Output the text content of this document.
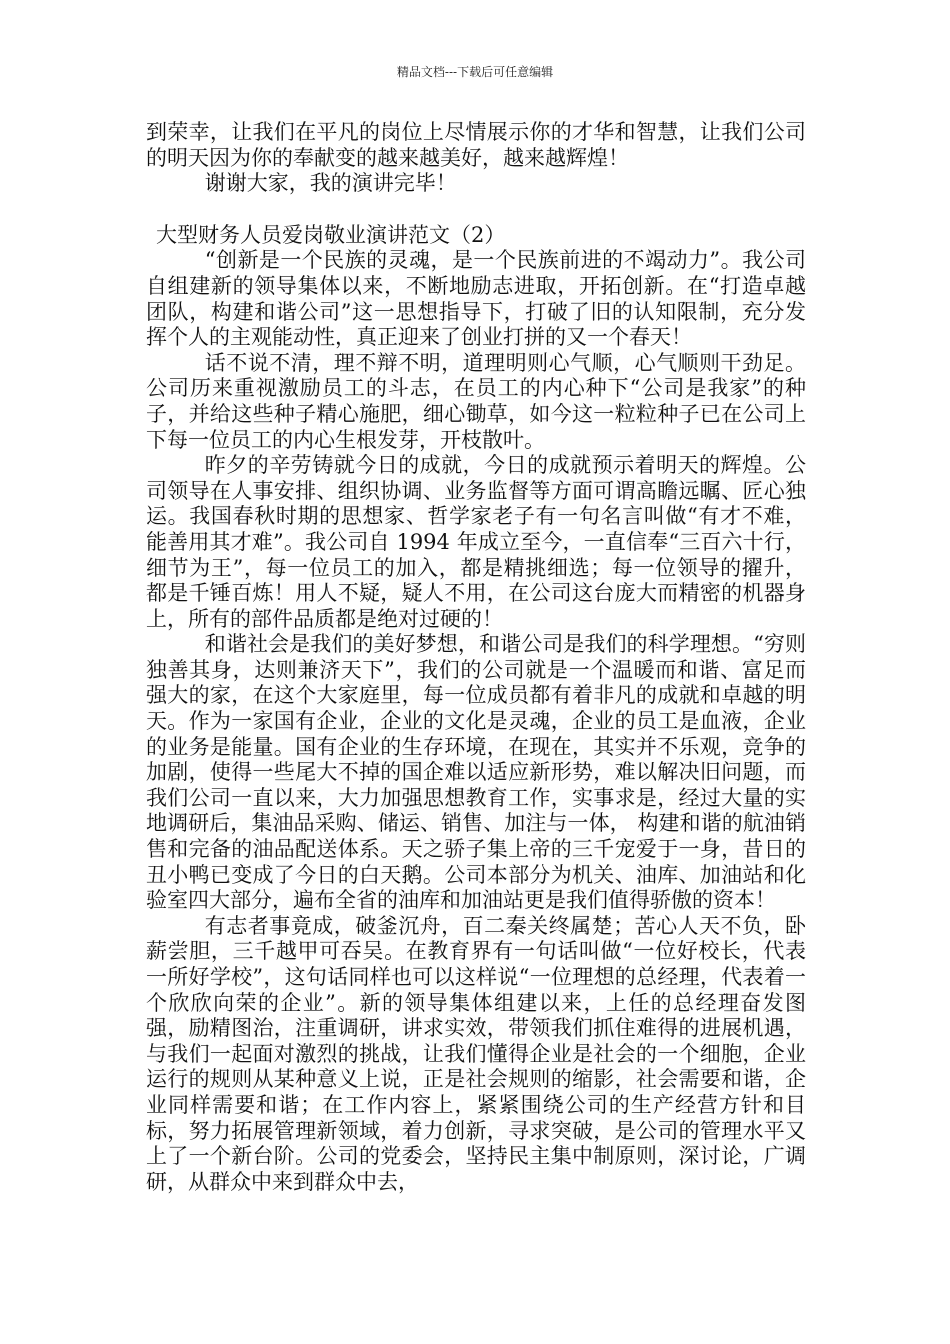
精品文档---下载后可任意编辑

到荣幸，让我们在平凡的岗位上尽情展示你的才华和智慧，让我们公司的明天因为你的奉献变的越来越美好，越来越辉煌！

谢谢大家，我的演讲完毕！

大型财务人员爱岗敬业演讲范文（2）

“创新是一个民族的灵魂，是一个民族前进的不竭动力”。我公司自组建新的领导集体以来，不断地励志进取，开拓创新。在“打造卓越团队，构建和谐公司”这一思想指导下，打破了旧的认知限制，充分发挥个人的主观能动性，真正迎来了创业打拼的又一个春天！

话不说不清，理不辩不明，道理明则心气顺，心气顺则干劲足。公司历来重视激励员工的斗志，在员工的内心种下“公司是我家”的种子，并给这些种子精心施肥，细心锄草，如今这一粒粒种子已在公司上下每一位员工的内心生根发芽，开枝散叶。

昨夕的辛劳铸就今日的成就，今日的成就预示着明天的辉煌。公司领导在人事安排、组织协调、业务监督等方面可谓高瞻远瞩、匠心独运。我国春秋时期的思想家、哲学家老子有一句名言叫做“有才不难，能善用其才难”。我公司自 1994 年成立至今，一直信奉“三百六十行，细节为王”，每一位员工的加入，都是精挑细选；每一位领导的擢升，都是千锤百炼！用人不疑，疑人不用，在公司这台庞大而精密的机器身上，所有的部件品质都是绝对过硬的！

和谐社会是我们的美好梦想，和谐公司是我们的科学理想。“穷则独善其身，达则兼济天下”，我们的公司就是一个温暖而和谐、富足而强大的家，在这个大家庭里，每一位成员都有着非凡的成就和卓越的明天。作为一家国有企业，企业的文化是灵魂，企业的员工是血液，企业的业务是能量。国有企业的生存环境，在现在，其实并不乐观，竞争的加剧，使得一些尾大不掉的国企难以适应新形势，难以解决旧问题，而我们公司一直以来，大力加强思想教育工作，实事求是，经过大量的实地调研后，集油品采购、储运、销售、加注与一体， 构建和谐的航油销售和完备的油品配送体系。天之骄子集上帝的三千宠爱于一身，昔日的丑小鸭已变成了今日的白天鹅。公司本部分为机关、油库、加油站和化验室四大部分，遍布全省的油库和加油站更是我们值得骄傲的资本！

有志者事竟成，破釜沉舟，百二秦关终属楚；苦心人天不负，卧薪尝胆，三千越甲可吞吴。在教育界有一句话叫做“一位好校长，代表一所好学校”，这句话同样也可以这样说“一位理想的总经理，代表着一个欣欣向荣的企业”。新的领导集体组建以来，上任的总经理奋发图强，励精图治，注重调研，讲求实效，带领我们抓住难得的进展机遇，与我们一起面对激烈的挑战，让我们懂得企业是社会的一个细胞，企业运行的规则从某种意义上说，正是社会规则的缩影，社会需要和谐，企业同样需要和谐；在工作内容上，紧紧围绕公司的生产经营方针和目标，努力拓展管理新领域，着力创新，寻求突破，是公司的管理水平又上了一个新台阶。公司的党委会，坚持民主集中制原则，深讨论，广调研，从群众中来到群众中去，
